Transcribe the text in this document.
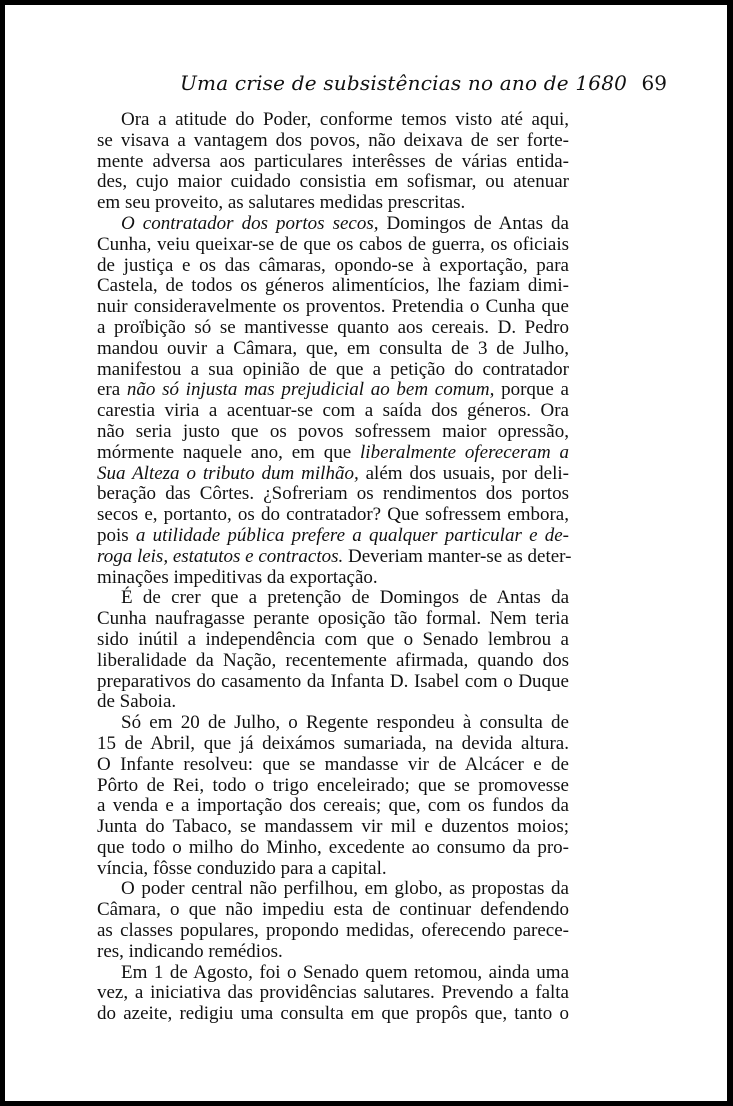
Uma crise de subsistências no ano de 1680 69
Ora a atitude do Poder, conforme temos visto até aqui,
se visava a vantagem dos povos, não deixava de ser forte-
mente adversa aos particulares interêsses de várias entida-
des, cujo maior cuidado consistia em sofismar, ou atenuar
em seu proveito, as salutares medidas prescritas.
O contratador dos portos secos, Domingos de Antas da
Cunha, veiu queixar-se de que os cabos de guerra, os oficiais
de justiça e os das câmaras, opondo-se à exportação, para
Castela, de todos os géneros alimentícios, lhe faziam dimi-
nuir consideravelmente os proventos. Pretendia o Cunha que
a proïbição só se mantivesse quanto aos cereais. D. Pedro
mandou ouvir a Câmara, que, em consulta de 3 de Julho,
manifestou a sua opinião de que a petição do contratador
era não só injusta mas prejudicial ao bem comum, porque a
carestia viria a acentuar-se com a saída dos géneros. Ora
não seria justo que os povos sofressem maior opressão,
mórmente naquele ano, em que liberalmente ofereceram a
Sua Alteza o tributo dum milhão, além dos usuais, por deli-
beração das Côrtes. ¿Sofreriam os rendimentos dos portos
secos e, portanto, os do contratador? Que sofressem embora,
pois a utilidade pública prefere a qualquer particular e de-
roga leis, estatutos e contractos. Deveriam manter-se as deter-
minações impeditivas da exportação.
É de crer que a pretenção de Domingos de Antas da
Cunha naufragasse perante oposição tão formal. Nem teria
sido inútil a independência com que o Senado lembrou a
liberalidade da Nação, recentemente afirmada, quando dos
preparativos do casamento da Infanta D. Isabel com o Duque
de Saboia.
Só em 20 de Julho, o Regente respondeu à consulta de
15 de Abril, que já deixámos sumariada, na devida altura.
O Infante resolveu: que se mandasse vir de Alcácer e de
Pôrto de Rei, todo o trigo enceleirado; que se promovesse
a venda e a importação dos cereais; que, com os fundos da
Junta do Tabaco, se mandassem vir mil e duzentos moios;
que todo o milho do Minho, excedente ao consumo da pro-
víncia, fôsse conduzido para a capital.
O poder central não perfilhou, em globo, as propostas da
Câmara, o que não impediu esta de continuar defendendo
as classes populares, propondo medidas, oferecendo parece-
res, indicando remédios.
Em 1 de Agosto, foi o Senado quem retomou, ainda uma
vez, a iniciativa das providências salutares. Prevendo a falta
do azeite, redigiu uma consulta em que propôs que, tanto o
